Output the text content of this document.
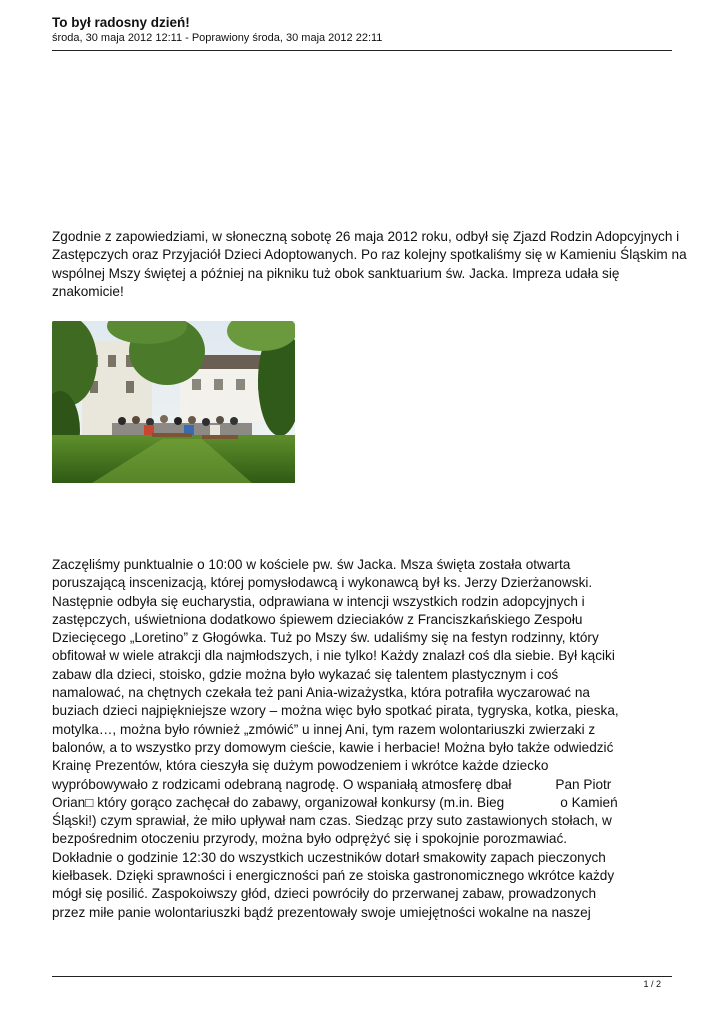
To był radosny dzień!

środa, 30 maja 2012 12:11 - Poprawiony środa, 30 maja 2012 22:11

Zgodnie z zapowiedziami, w słoneczną sobotę 26 maja 2012 roku, odbył się Zjazd Rodzin Adopcyjnych i Zastępczych oraz Przyjaciół Dzieci Adoptowanych. Po raz kolejny spotkaliśmy się w Kamieniu Śląskim na wspólnej Mszy świętej a później na pikniku tuż obok sanktuarium św. Jacka. Impreza udała się znakomicie!

Zaczęliśmy punktualnie o 10:00 w kościele pw. św Jacka. Msza święta została otwarta
poruszającą inscenizacją, której pomysłodawcą i wykonawcą był ks. Jerzy Dzierżanowski.
Następnie odbyła się eucharystia, odprawiana w intencji wszystkich rodzin adopcyjnych i
zastępczych, uświetniona dodatkowo śpiewem dzieciaków z Franciszkańskiego Zespołu
Dziecięcego „Loretino” z Głogówka. Tuż po Mszy św. udaliśmy się na festyn rodzinny, który
obfitował w wiele atrakcji dla najmłodszych, i nie tylko! Każdy znalazł coś dla siebie. Był kąciki
zabaw dla dzieci, stoisko, gdzie można było wykazać się talentem plastycznym i coś
namalować, na chętnych czekała też pani Ania-wizażystka, która potrafiła wyczarować na
buziach dzieci najpiękniejsze wzory – można więc było spotkać pirata, tygryska, kotka, pieska,
motylka…, można było również „zmówić” u innej Ani, tym razem wolontariuszki zwierzaki z
balonów, a to wszystko przy domowym cieście, kawie i herbacie! Można było także odwiedzić
Krainę Prezentów, która cieszyła się dużym powodzeniem i wkrótce każde dziecko
wypróbowywało z rodzicami odebraną nagrodę. O wspaniałą atmosferę dbał	Pan Piotr
Orian□ który gorąco zachęcał do zabawy, organizował konkursy (m.in. Bieg	o Kamień
Śląski!) czym sprawiał, że miło upływał nam czas. Siedząc przy suto zastawionych stołach, w
bezpośrednim otoczeniu przyrody, można było odprężyć się i spokojnie porozmawiać.
Dokładnie o godzinie 12:30 do wszystkich uczestników dotarł smakowity zapach pieczonych
kiełbasek. Dzięki sprawności i energiczności pań ze stoiska gastronomicznego wkrótce każdy
mógł się posilić. Zaspokoiwszy głód, dzieci powróciły do przerwanej zabaw, prowadzonych
przez miłe panie wolontariuszki bądź prezentowały swoje umiejętności wokalne na naszej
1 / 2
